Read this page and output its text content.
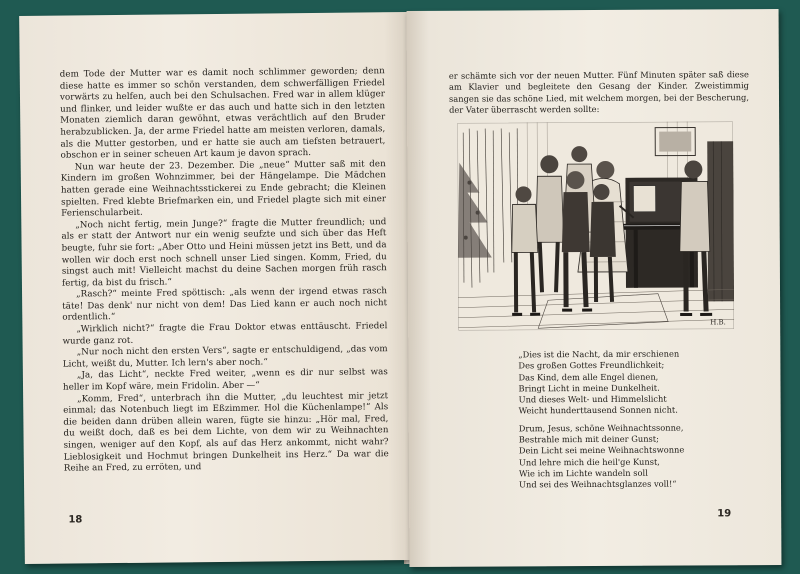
dem Tode der Mutter war es damit noch schlimmer geworden; denn diese hatte es immer so schön verstanden, dem schwerfälligen Friedel vorwärts zu helfen, auch bei den Schulsachen. Fred war in allem klüger und flinker, und leider wußte er das auch und hatte sich in den letzten Monaten ziemlich daran gewöhnt, etwas verächtlich auf den Bruder herabzublicken. Ja, der arme Friedel hatte am meisten verloren, damals, als die Mutter gestorben, und er hatte sie auch am tiefsten betrauert, obschon er in seiner scheuen Art kaum je davon sprach.

Nun war heute der 23. Dezember. Die „neue“ Mutter saß mit den Kindern im großen Wohnzimmer, bei der Hängelampe. Die Mädchen hatten gerade eine Weihnachtsstickerei zu Ende gebracht; die Kleinen spielten. Fred klebte Briefmarken ein, und Friedel plagte sich mit einer Ferienschularbeit.

„Noch nicht fertig, mein Junge?“ fragte die Mutter freundlich; und als er statt der Antwort nur ein wenig seufzte und sich über das Heft beugte, fuhr sie fort: „Aber Otto und Heini müssen jetzt ins Bett, und da wollen wir doch erst noch schnell unser Lied singen. Komm, Fried, du singst auch mit! Vielleicht machst du deine Sachen morgen früh rasch fertig, da bist du frisch.“

„Rasch?“ meinte Fred spöttisch: „als wenn der irgend etwas rasch täte! Das denk' nur nicht von dem! Das Lied kann er auch noch nicht ordentlich.“

„Wirklich nicht?“ fragte die Frau Doktor etwas enttäuscht. Friedel wurde ganz rot.

„Nur noch nicht den ersten Vers“, sagte er entschuldigend, „das vom Licht, weißt du, Mutter. Ich lern's aber noch.“

„Ja, das Licht“, neckte Fred weiter, „wenn es dir nur selbst was heller im Kopf wäre, mein Fridolin. Aber —“

„Komm, Fred“, unterbrach ihn die Mutter, „du leuchtest mir jetzt einmal; das Notenbuch liegt im Eßzimmer. Hol die Küchenlampe!“ Als die beiden dann drüben allein waren, fügte sie hinzu: „Hör mal, Fred, du weißt doch, daß es bei dem Lichte, von dem wir zu Weihnachten singen, weniger auf den Kopf, als auf das Herz ankommt, nicht wahr? Lieblosigkeit und Hochmut bringen Dunkelheit ins Herz.“ Da war die Reihe an Fred, zu erröten, und

18

er schämte sich vor der neuen Mutter. Fünf Minuten später saß diese am Klavier und begleitete den Gesang der Kinder. Zweistimmig sangen sie das schöne Lied, mit welchem morgen, bei der Bescherung, der Vater überrascht werden sollte:

H.B.
„Dies ist die Nacht, da mir erschienen
Des großen Gottes Freundlichkeit;
Das Kind, dem alle Engel dienen,
Bringt Licht in meine Dunkelheit.
Und dieses Welt- und Himmelslicht
Weicht hunderttausend Sonnen nicht.
Drum, Jesus, schöne Weihnachtssonne,
Bestrahle mich mit deiner Gunst;
Dein Licht sei meine Weihnachtswonne
Und lehre mich die heil'ge Kunst,
Wie ich im Lichte wandeln soll
Und sei des Weihnachtsglanzes voll!“
19
